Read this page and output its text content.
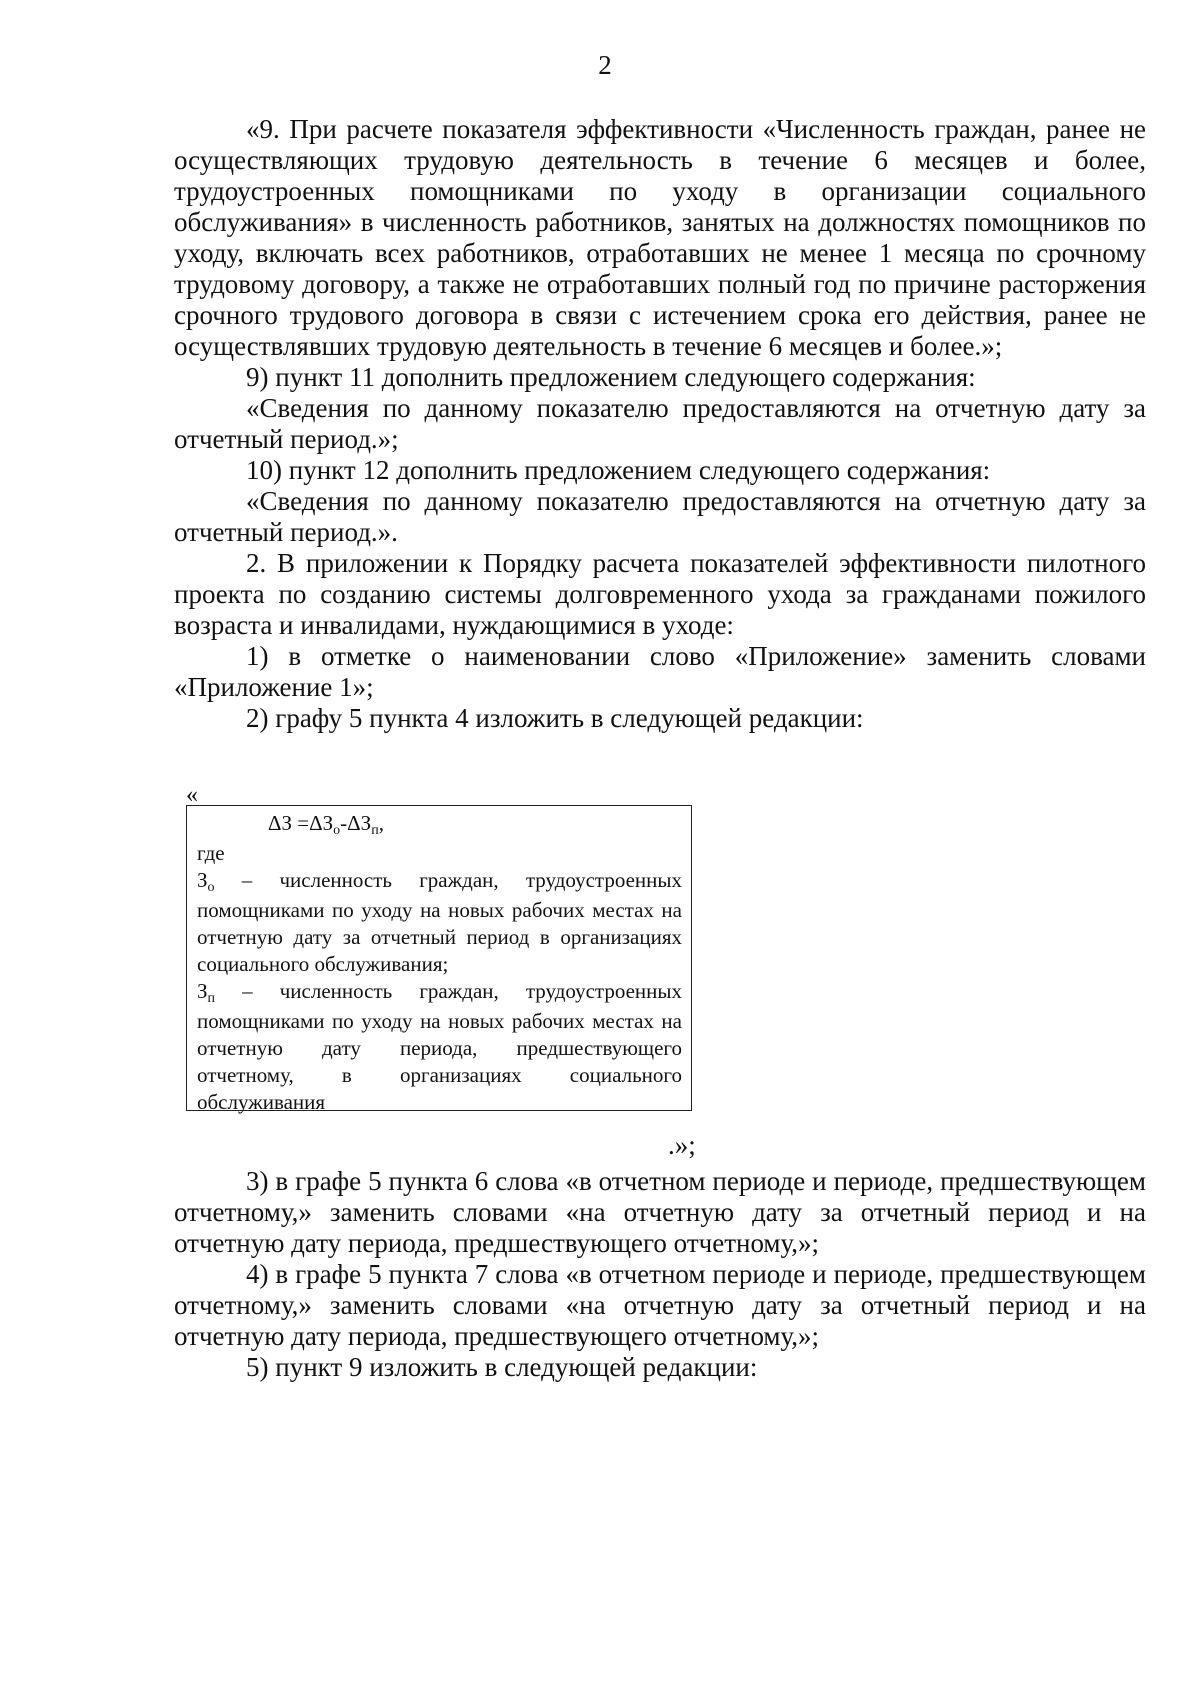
2

«9. При расчете показателя эффективности «Численность граждан, ранее не осуществляющих трудовую деятельность в течение 6 месяцев и более, трудоустроенных помощниками по уходу в организации социального обслуживания» в численность работников, занятых на должностях помощников по уходу, включать всех работников, отработавших не менее 1 месяца по срочному трудовому договору, а также не отработавших полный год по причине расторжения срочного трудового договора в связи с истечением срока его действия, ранее не осуществлявших трудовую деятельность в течение 6 месяцев и более.»;

9) пункт 11 дополнить предложением следующего содержания:

«Сведения по данному показателю предоставляются на отчетную дату за отчетный период.»;

10) пункт 12 дополнить предложением следующего содержания:

«Сведения по данному показателю предоставляются на отчетную дату за отчетный период.».

2. В приложении к Порядку расчета показателей эффективности пилотного проекта по созданию системы долговременного ухода за гражданами пожилого возраста и инвалидами, нуждающимися в уходе:

1) в отметке о наименовании слово «Приложение» заменить словами «Приложение 1»;

2) графу 5 пункта 4 изложить в следующей редакции:

«

$\Delta З =\Delta З_о-\Delta З_п$,

где

$З_о$ – численность граждан, трудоустроенных помощниками по уходу на новых рабочих местах на отчетную дату за отчетный период в организациях социального обслуживания;

$З_п$ – численность граждан, трудоустроенных помощниками по уходу на новых рабочих местах на отчетную дату периода, предшествующего отчетному, в организациях социального обслуживания

.»;

3) в графе 5 пункта 6 слова «в отчетном периоде и периоде, предшествующем отчетному,» заменить словами «на отчетную дату за отчетный период и на отчетную дату периода, предшествующего отчетному,»;

4) в графе 5 пункта 7 слова «в отчетном периоде и периоде, предшествующем отчетному,» заменить словами «на отчетную дату за отчетный период и на отчетную дату периода, предшествующего отчетному,»;

5) пункт 9 изложить в следующей редакции:
